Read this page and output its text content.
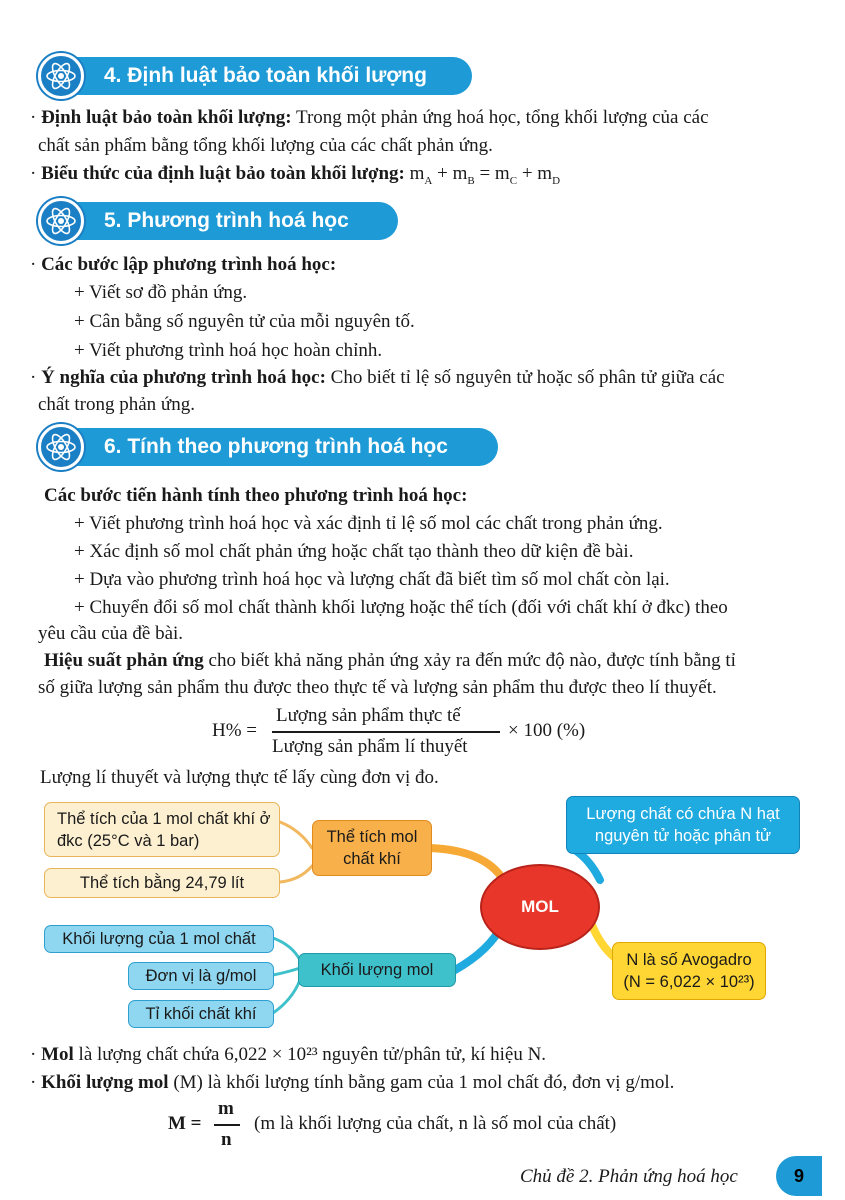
4. Định luật bảo toàn khối lượng
· Định luật bảo toàn khối lượng: Trong một phản ứng hoá học, tổng khối lượng của các
chất sản phẩm bằng tổng khối lượng của các chất phản ứng.
· Biểu thức của định luật bảo toàn khối lượng: $m_A + m_B = m_C + m_D$
5. Phương trình hoá học
· Các bước lập phương trình hoá học:
+ Viết sơ đồ phản ứng.
+ Cân bằng số nguyên tử của mỗi nguyên tố.
+ Viết phương trình hoá học hoàn chỉnh.
· Ý nghĩa của phương trình hoá học: Cho biết tỉ lệ số nguyên tử hoặc số phân tử giữa các
chất trong phản ứng.
6. Tính theo phương trình hoá học
Các bước tiến hành tính theo phương trình hoá học:
+ Viết phương trình hoá học và xác định tỉ lệ số mol các chất trong phản ứng.
+ Xác định số mol chất phản ứng hoặc chất tạo thành theo dữ kiện đề bài.
+ Dựa vào phương trình hoá học và lượng chất đã biết tìm số mol chất còn lại.
+ Chuyển đổi số mol chất thành khối lượng hoặc thể tích (đối với chất khí ở đkc) theo
yêu cầu của đề bài.
Hiệu suất phản ứng cho biết khả năng phản ứng xảy ra đến mức độ nào, được tính bằng tỉ
số giữa lượng sản phẩm thu được theo thực tế và lượng sản phẩm thu được theo lí thuyết.
H% =
Lượng sản phẩm thực tế
Lượng sản phẩm lí thuyết
× 100 (%)
Lượng lí thuyết và lượng thực tế lấy cùng đơn vị đo.
Thể tích của 1 mol chất khí ở đkc (25°C và 1 bar)
Thể tích bằng 24,79 lít
Thể tích mol chất khí
Khối lượng của 1 mol chất
Đơn vị là g/mol
Tỉ khối chất khí
Khối lượng mol
MOL
Lượng chất có chứa N hạt nguyên tử hoặc phân tử
N là số Avogadro (N = 6,022 × 10²³)
· Mol là lượng chất chứa 6,022 × 10²³ nguyên tử/phân tử, kí hiệu N.
· Khối lượng mol (M) là khối lượng tính bằng gam của 1 mol chất đó, đơn vị g/mol.
M =
m
n
(m là khối lượng của chất, n là số mol của chất)
Chủ đề 2. Phản ứng hoá học	9
